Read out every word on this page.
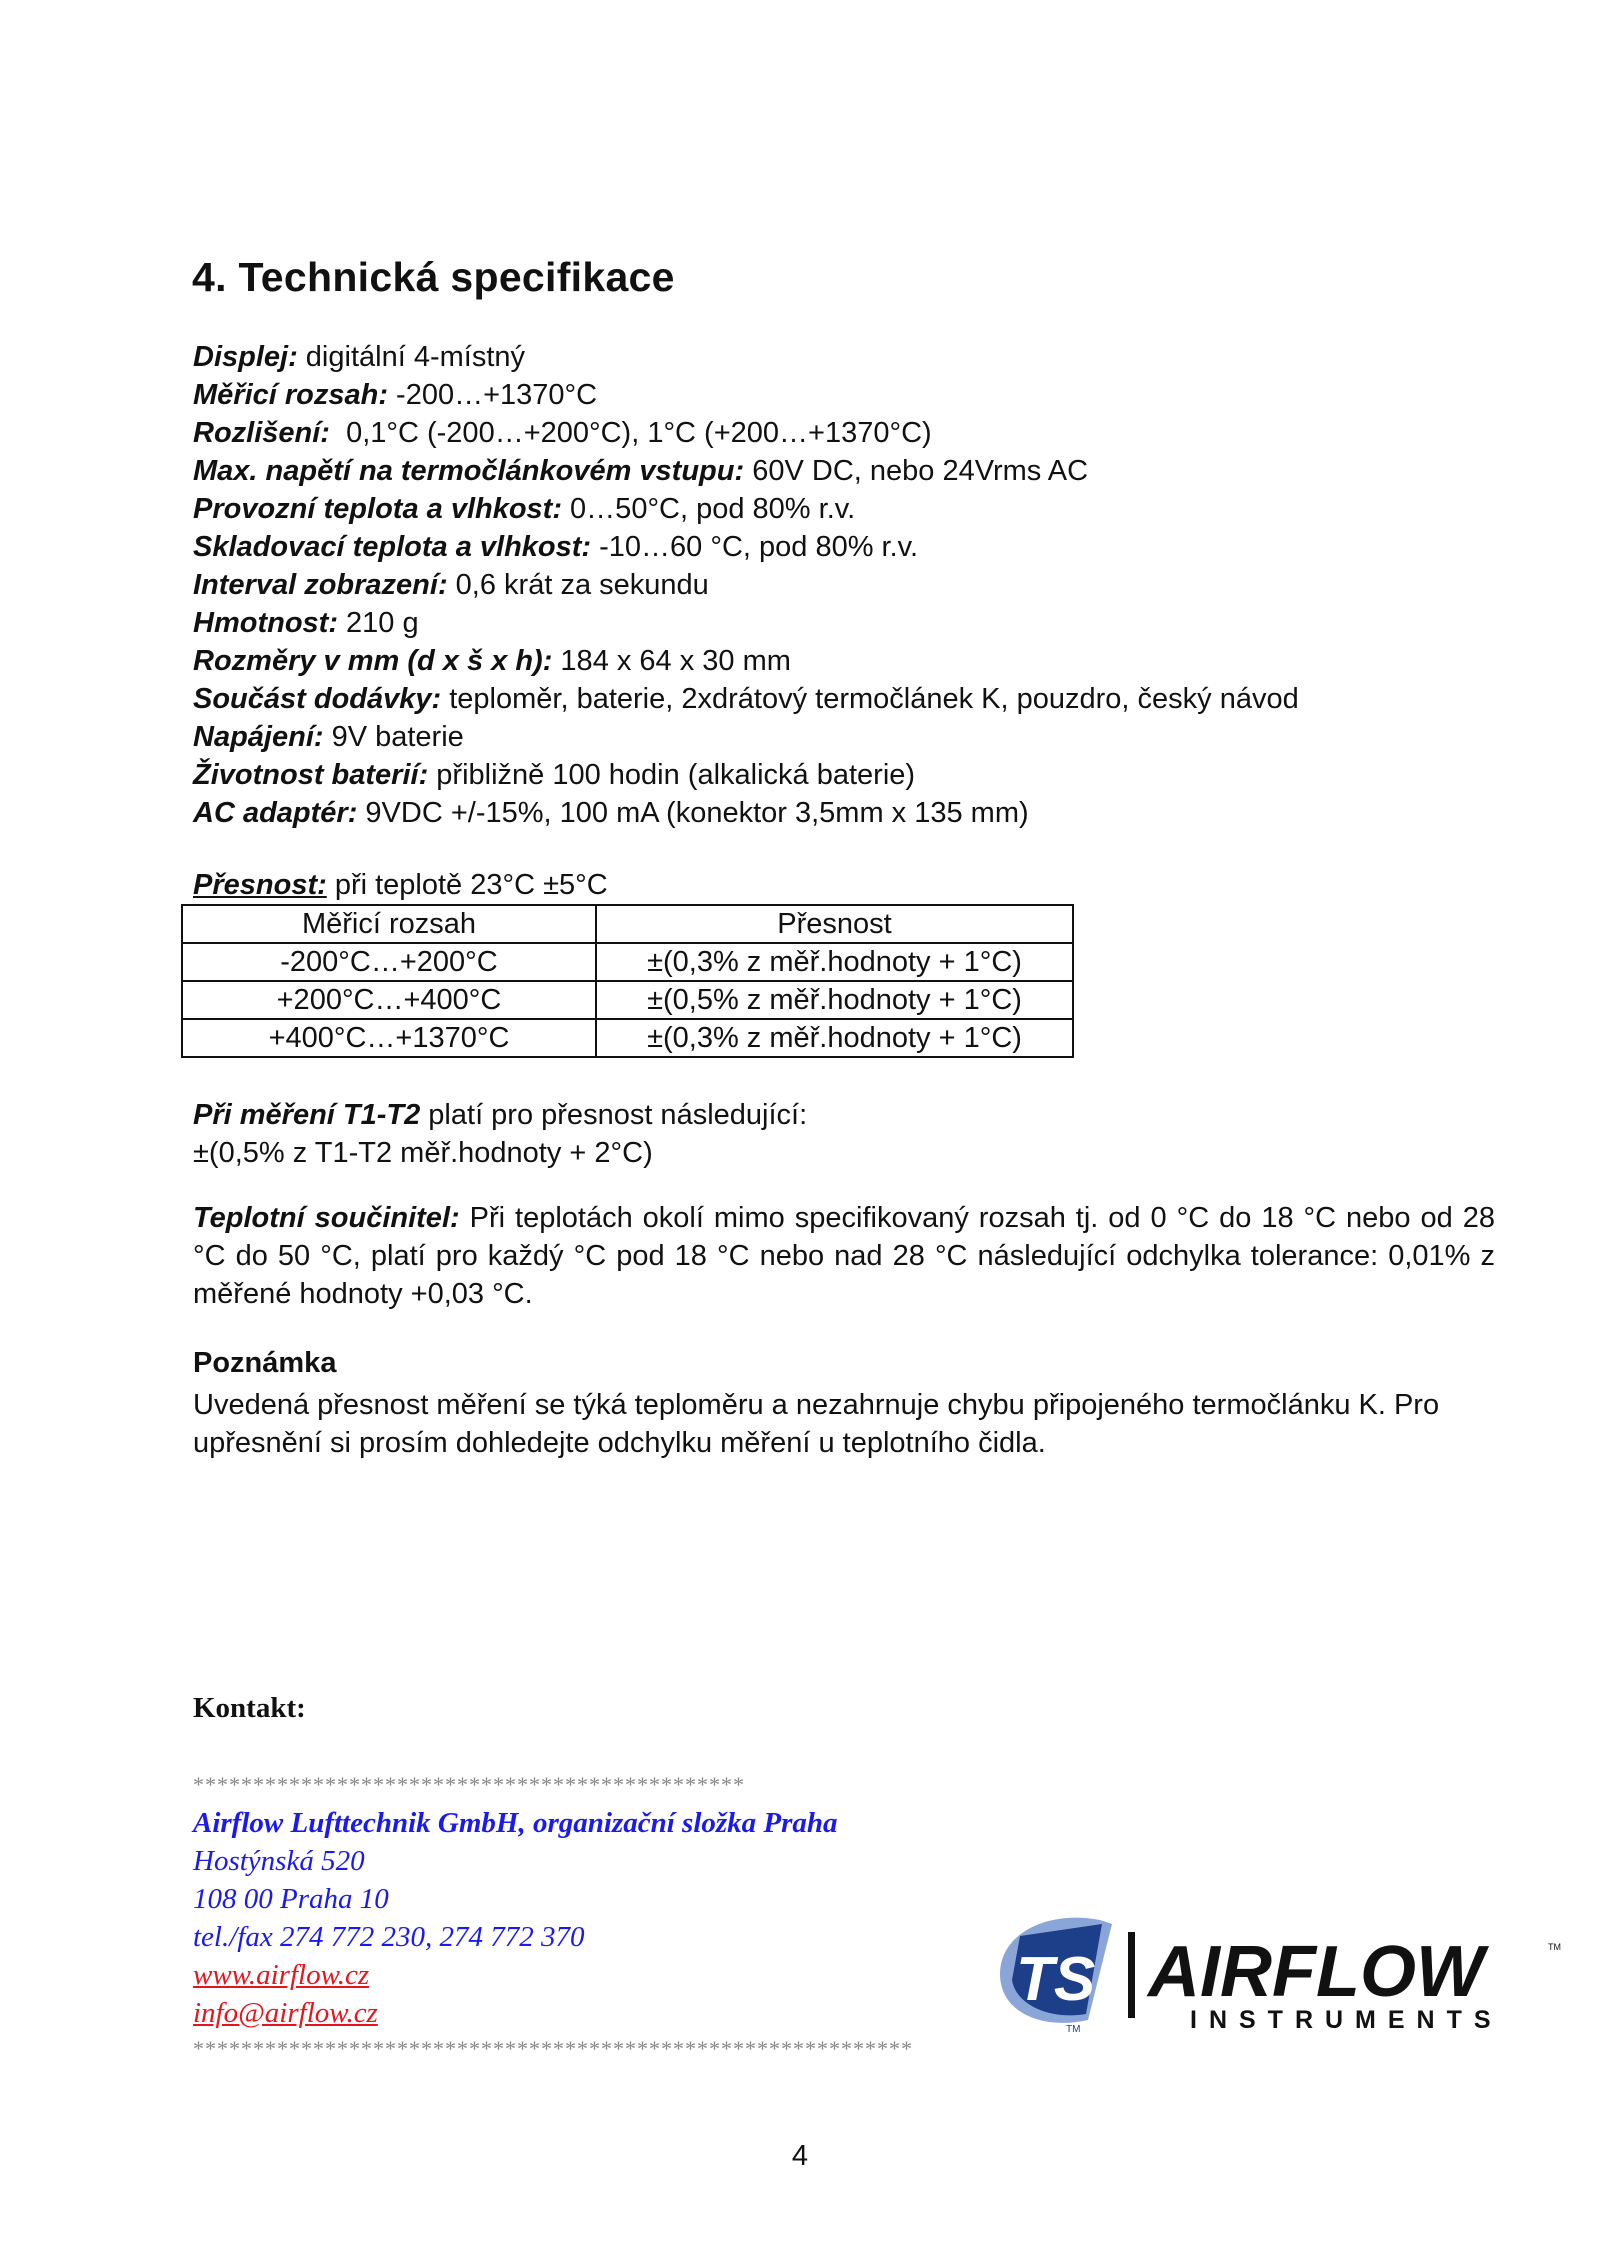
4. Technická specifikace
Displej: digitální 4-místný
Měřicí rozsah: -200…+1370°C
Rozlišení:  0,1°C (-200…+200°C), 1°C (+200…+1370°C)
Max. napětí na termočlánkovém vstupu: 60V DC, nebo 24Vrms AC
Provozní teplota a vlhkost: 0…50°C, pod 80% r.v.
Skladovací teplota a vlhkost: -10…60 °C, pod 80% r.v.
Interval zobrazení: 0,6 krát za sekundu
Hmotnost: 210 g
Rozměry v mm (d x š x h): 184 x 64 x 30 mm
Součást dodávky: teploměr, baterie, 2xdrátový termočlánek K, pouzdro, český návod
Napájení: 9V baterie
Životnost baterií: přibližně 100 hodin (alkalická baterie)
AC adaptér: 9VDC +/-15%, 100 mA (konektor 3,5mm x 135 mm)
Přesnost: při teplotě 23°C ±5°C
Měřicí rozsah	Přesnost
-200°C…+200°C	±(0,3% z měř.hodnoty + 1°C)
+200°C…+400°C	±(0,5% z měř.hodnoty + 1°C)
+400°C…+1370°C	±(0,3% z měř.hodnoty + 1°C)
Při měření T1-T2 platí pro přesnost následující:
±(0,5% z T1-T2 měř.hodnoty + 2°C)
Teplotní součinitel: Při teplotách okolí mimo specifikovaný rozsah tj. od 0 °C do 18 °C nebo od 28 °C do 50 °C, platí pro každý °C pod 18 °C nebo nad 28 °C následující odchylka tolerance: 0,01% z měřené hodnoty +0,03 °C.
Poznámka
Uvedená přesnost měření se týká teploměru a nezahrnuje chybu připojeného termočlánku K. Pro upřesnění si prosím dohledejte odchylku měření u teplotního čidla.
Kontakt:
**********************************************
Airflow Lufttechnik GmbH, organizační složka Praha
Hostýnská 520
108 00 Praha 10
tel./fax 274 772 230, 274 772 370
www.airflow.cz
info@airflow.cz
************************************************************
TSI
TM
AIRFLOW	TM
INSTRUMENTS
4
